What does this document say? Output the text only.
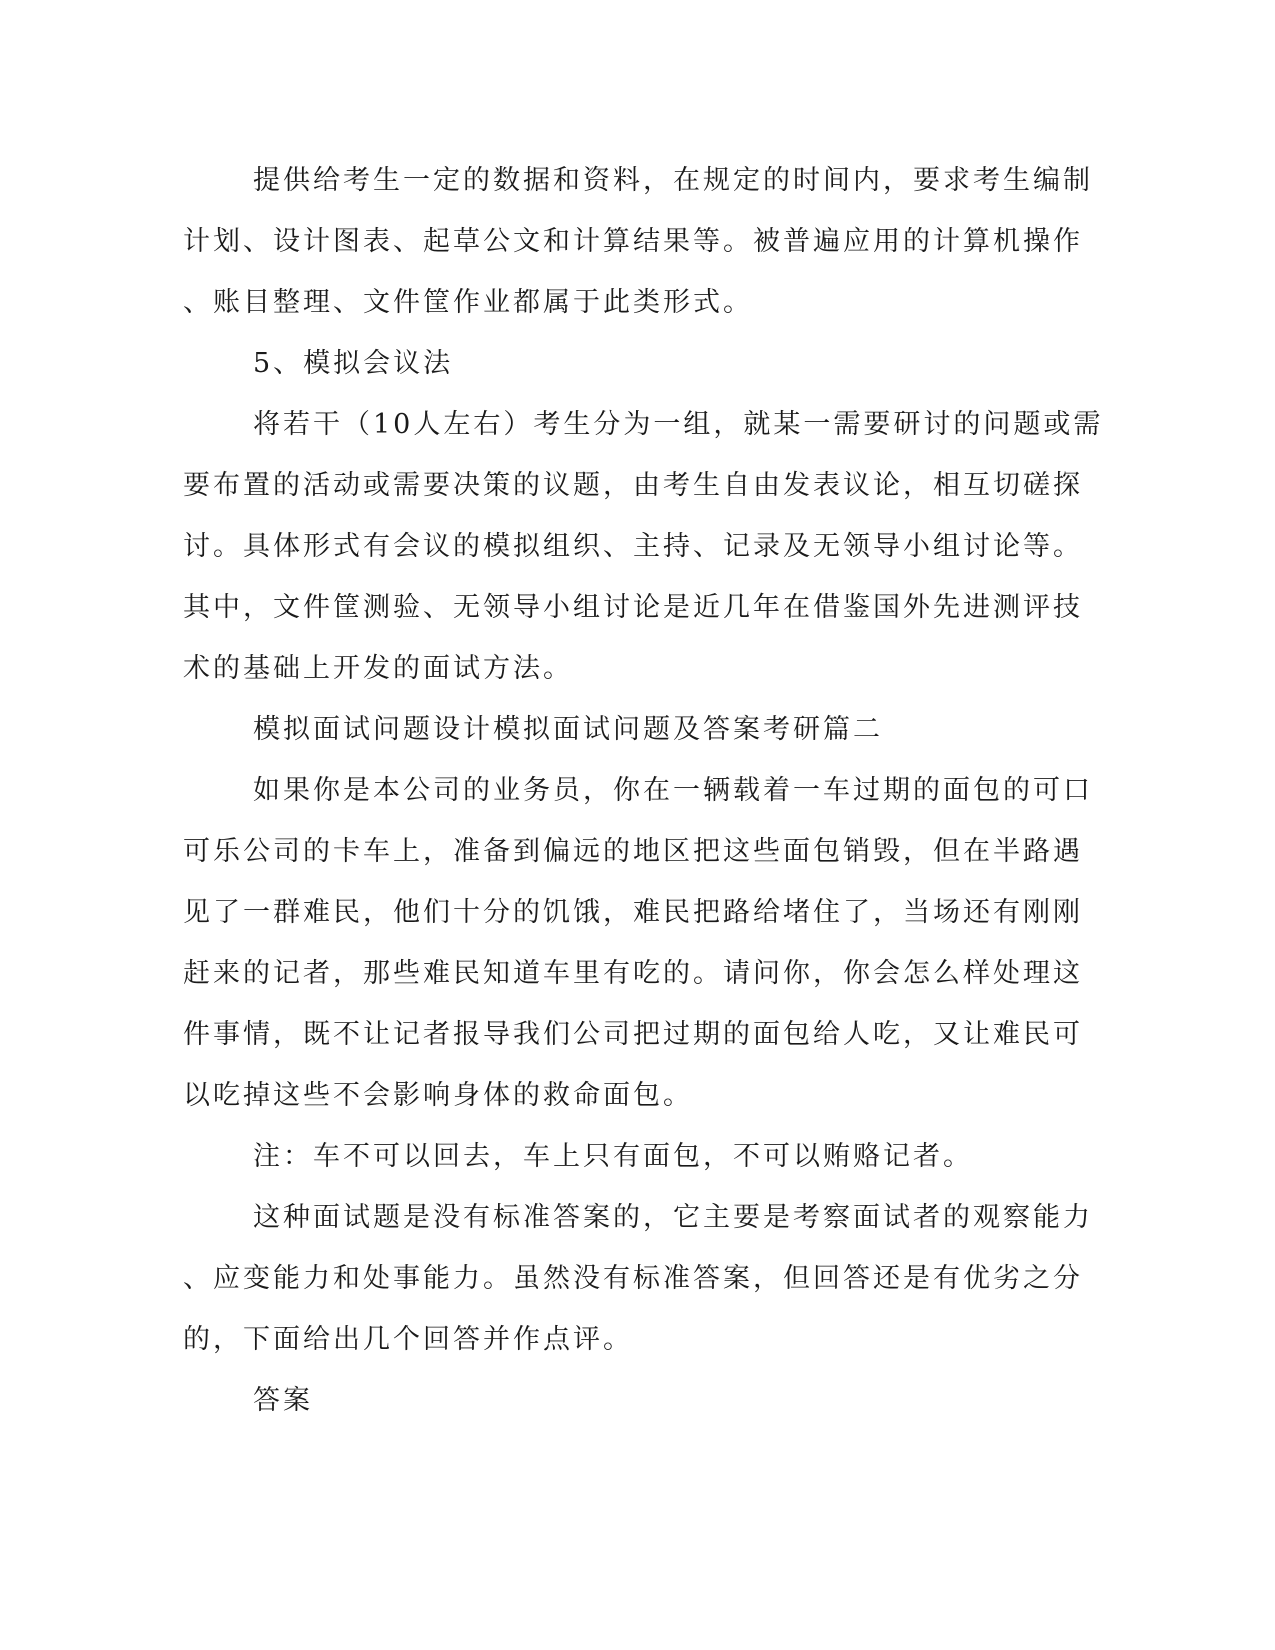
提供给考生一定的数据和资料，在规定的时间内，要求考生编制
计划、设计图表、起草公文和计算结果等。被普遍应用的计算机操作
、账目整理、文件筐作业都属于此类形式。
5、模拟会议法
将若干（10人左右）考生分为一组，就某一需要研讨的问题或需
要布置的活动或需要决策的议题，由考生自由发表议论，相互切磋探
讨。具体形式有会议的模拟组织、主持、记录及无领导小组讨论等。
其中，文件筐测验、无领导小组讨论是近几年在借鉴国外先进测评技
术的基础上开发的面试方法。
模拟面试问题设计模拟面试问题及答案考研篇二
如果你是本公司的业务员，你在一辆载着一车过期的面包的可口
可乐公司的卡车上，准备到偏远的地区把这些面包销毁，但在半路遇
见了一群难民，他们十分的饥饿，难民把路给堵住了，当场还有刚刚
赶来的记者，那些难民知道车里有吃的。请问你，你会怎么样处理这
件事情，既不让记者报导我们公司把过期的面包给人吃，又让难民可
以吃掉这些不会影响身体的救命面包。
注：车不可以回去，车上只有面包，不可以贿赂记者。
这种面试题是没有标准答案的，它主要是考察面试者的观察能力
、应变能力和处事能力。虽然没有标准答案，但回答还是有优劣之分
的，下面给出几个回答并作点评。
答案
